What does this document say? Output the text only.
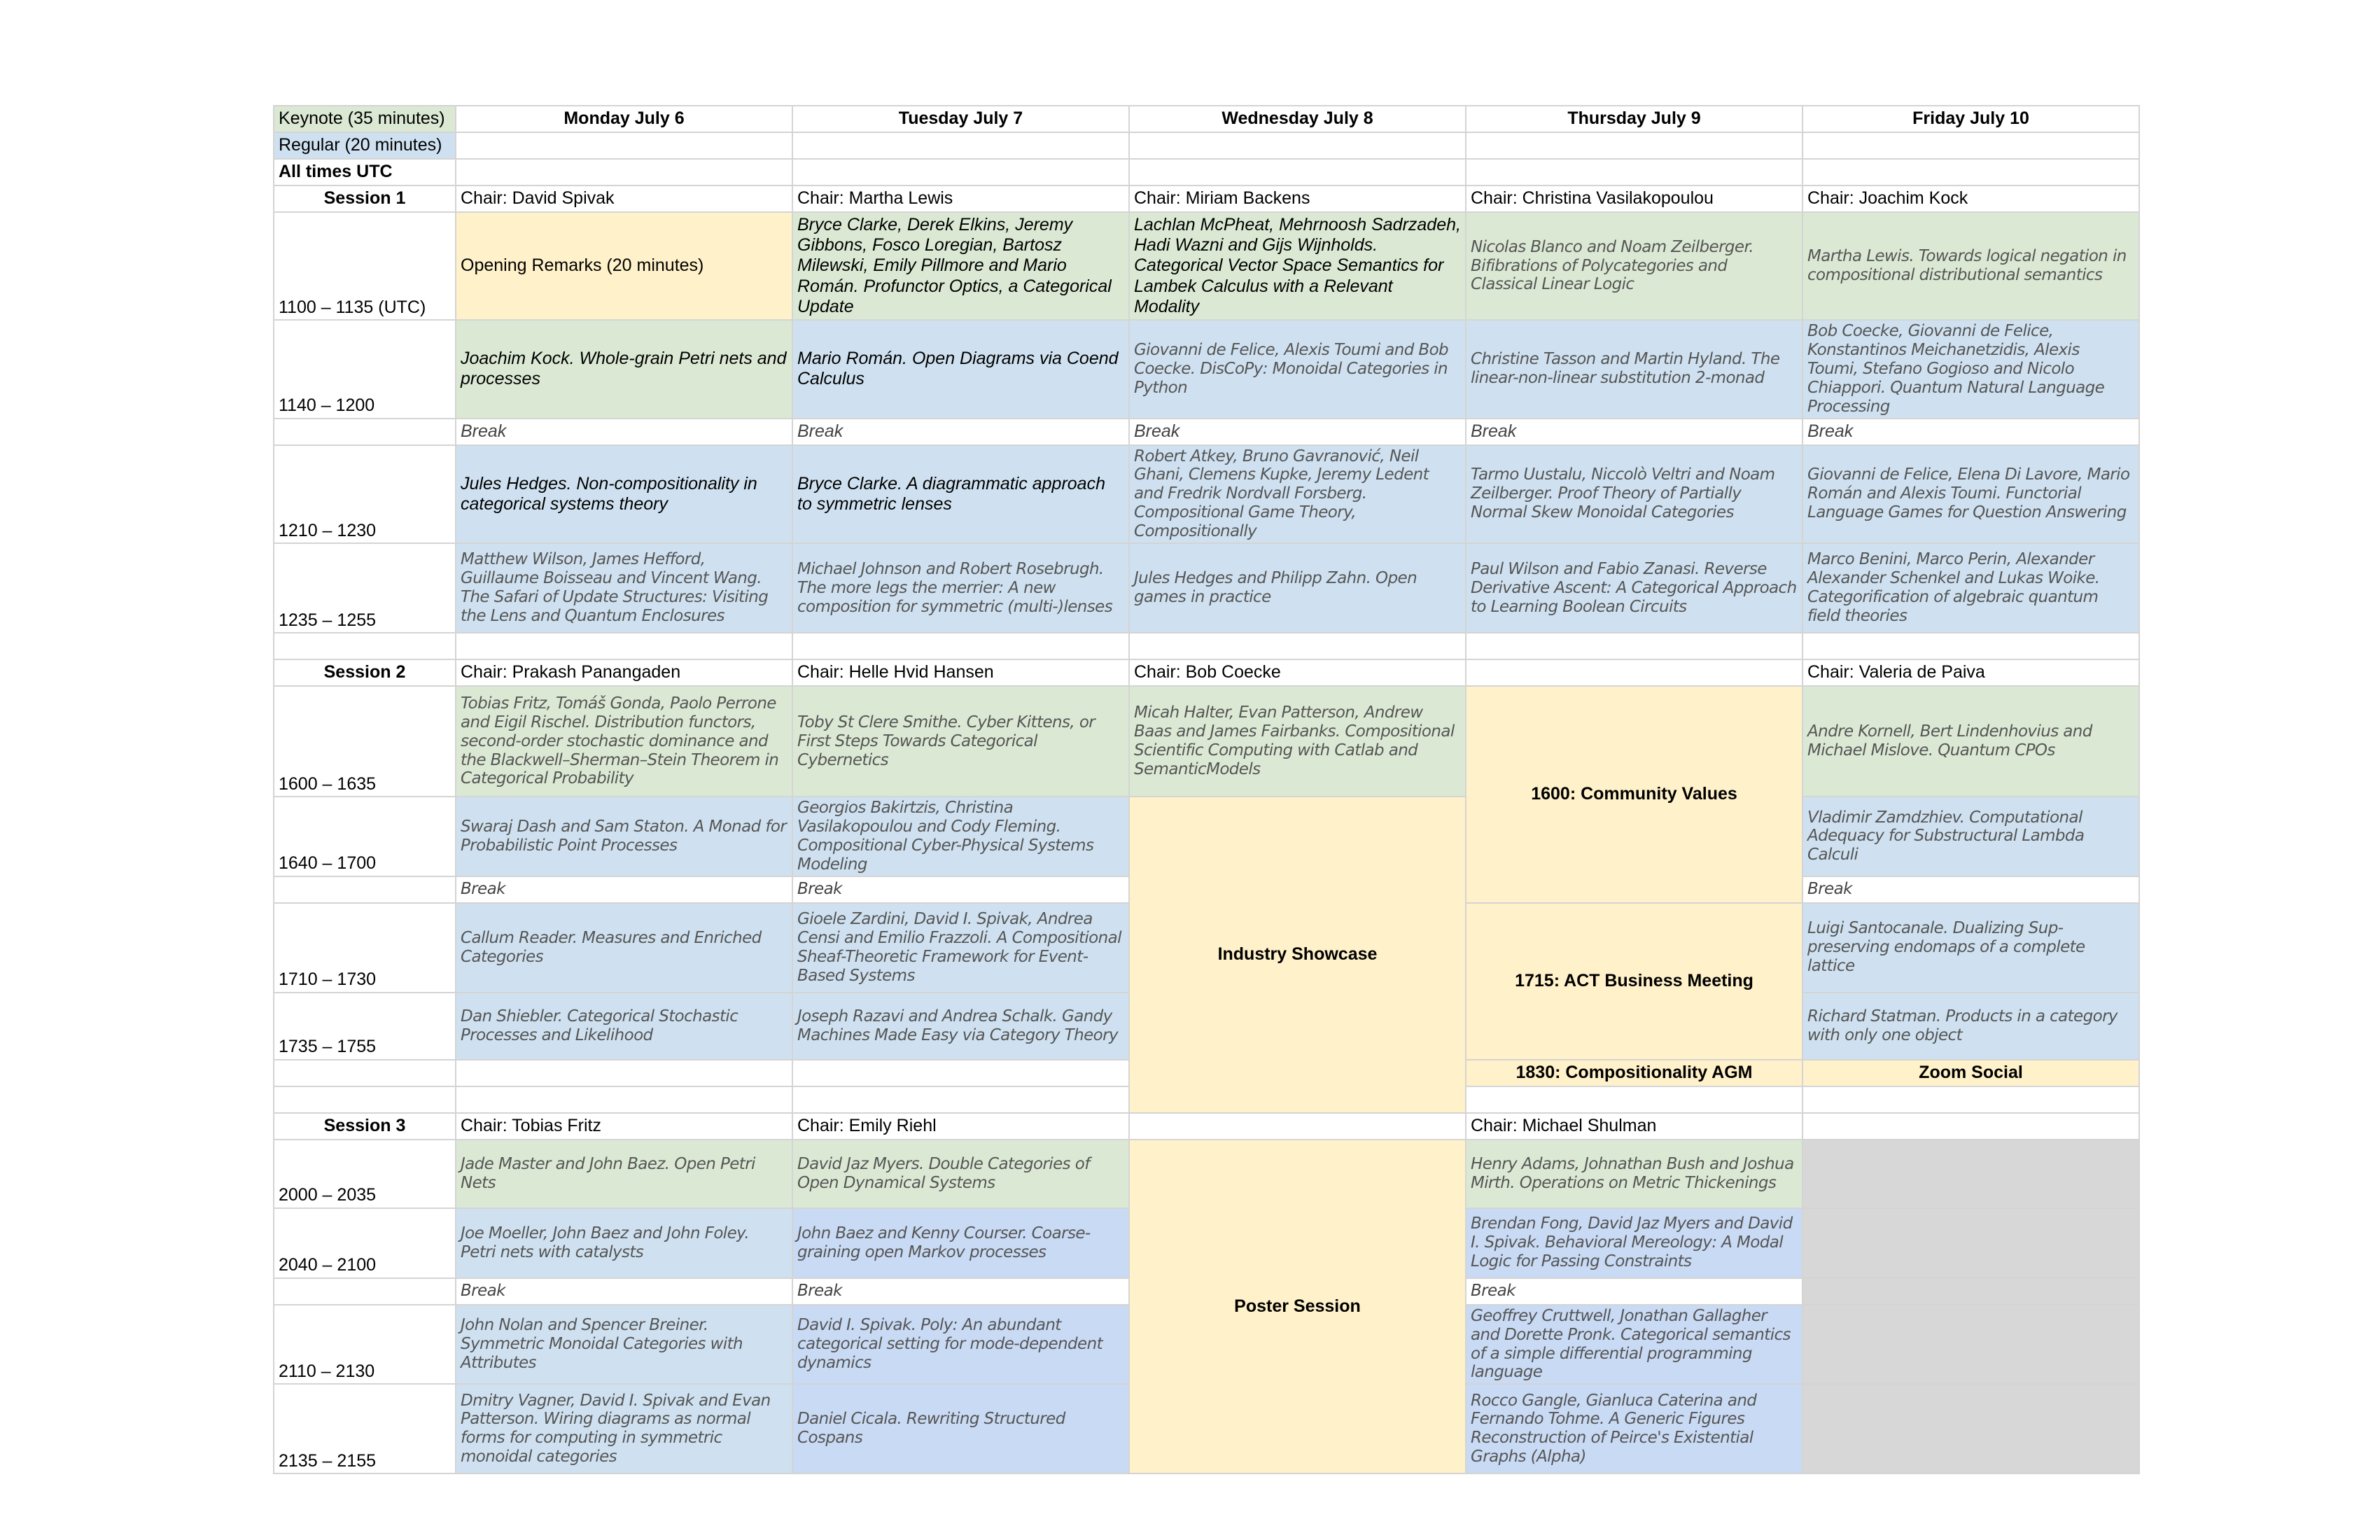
Keynote (35 minutes)	Monday July 6	Tuesday July 7	Wednesday July 8	Thursday July 9	Friday July 10
Regular (20 minutes)					
All times UTC					
Session 1	Chair: David Spivak	Chair: Martha Lewis	Chair: Miriam Backens	Chair: Christina Vasilakopoulou	Chair: Joachim Kock
1100 – 1135 (UTC)	Opening Remarks (20 minutes)	Bryce Clarke, Derek Elkins, Jeremy Gibbons, Fosco Loregian, Bartosz Milewski, Emily Pillmore and Mario Román. Profunctor Optics, a Categorical Update	Lachlan McPheat, Mehrnoosh Sadrzadeh, Hadi Wazni and Gijs Wijnholds. Categorical Vector Space Semantics for Lambek Calculus with a Relevant Modality	Nicolas Blanco and Noam Zeilberger. Bifibrations of Polycategories and Classical Linear Logic	Martha Lewis. Towards logical negation in compositional distributional semantics
1140 – 1200	Joachim Kock. Whole-grain Petri nets and processes	Mario Román. Open Diagrams via Coend Calculus	Giovanni de Felice, Alexis Toumi and Bob Coecke. DisCoPy: Monoidal Categories in Python	Christine Tasson and Martin Hyland. The linear-non-linear substitution 2-monad	Bob Coecke, Giovanni de Felice, Konstantinos Meichanetzidis, Alexis Toumi, Stefano Gogioso and Nicolo Chiappori. Quantum Natural Language Processing
	Break	Break	Break	Break	Break
1210 – 1230	Jules Hedges. Non-compositionality in categorical systems theory	Bryce Clarke. A diagrammatic approach to symmetric lenses	Robert Atkey, Bruno Gavranović, Neil Ghani, Clemens Kupke, Jeremy Ledent and Fredrik Nordvall Forsberg. Compositional Game Theory, Compositionally	Tarmo Uustalu, Niccolò Veltri and Noam Zeilberger. Proof Theory of Partially Normal Skew Monoidal Categories	Giovanni de Felice, Elena Di Lavore, Mario Román and Alexis Toumi. Functorial Language Games for Question Answering
1235 – 1255	Matthew Wilson, James Hefford, Guillaume Boisseau and Vincent Wang. The Safari of Update Structures: Visiting the Lens and Quantum Enclosures	Michael Johnson and Robert Rosebrugh. The more legs the merrier: A new composition for symmetric (multi-)lenses	Jules Hedges and Philipp Zahn. Open games in practice	Paul Wilson and Fabio Zanasi. Reverse Derivative Ascent: A Categorical Approach to Learning Boolean Circuits	Marco Benini, Marco Perin, Alexander Alexander Schenkel and Lukas Woike. Categorification of algebraic quantum field theories

Session 2	Chair: Prakash Panangaden	Chair: Helle Hvid Hansen	Chair: Bob Coecke		Chair: Valeria de Paiva
1600 – 1635	Tobias Fritz, Tomáš Gonda, Paolo Perrone and Eigil Rischel. Distribution functors, second-order stochastic dominance and the Blackwell–Sherman–Stein Theorem in Categorical Probability	Toby St Clere Smithe. Cyber Kittens, or First Steps Towards Categorical Cybernetics	Micah Halter, Evan Patterson, Andrew Baas and James Fairbanks. Compositional Scientific Computing with Catlab and SemanticModels	1600: Community Values	Andre Kornell, Bert Lindenhovius and Michael Mislove. Quantum CPOs
1640 – 1700	Swaraj Dash and Sam Staton. A Monad for Probabilistic Point Processes	Georgios Bakirtzis, Christina Vasilakopoulou and Cody Fleming. Compositional Cyber-Physical Systems Modeling	Industry Showcase		Vladimir Zamdzhiev. Computational Adequacy for Substructural Lambda Calculi
	Break	Break			Break
1710 – 1730	Callum Reader. Measures and Enriched Categories	Gioele Zardini, David I. Spivak, Andrea Censi and Emilio Frazzoli. A Compositional Sheaf-Theoretic Framework for Event-Based Systems		1715: ACT Business Meeting	Luigi Santocanale. Dualizing Sup-preserving endomaps of a complete lattice
1735 – 1755	Dan Shiebler. Categorical Stochastic Processes and Likelihood	Joseph Razavi and Andrea Schalk. Gandy Machines Made Easy via Category Theory			Richard Statman. Products in a category with only one object
				1830: Compositionality AGM	Zoom Social

Session 3	Chair: Tobias Fritz	Chair: Emily Riehl		Chair: Michael Shulman	
2000 – 2035	Jade Master and John Baez. Open Petri Nets	David Jaz Myers. Double Categories of Open Dynamical Systems	Poster Session	Henry Adams, Johnathan Bush and Joshua Mirth. Operations on Metric Thickenings	
2040 – 2100	Joe Moeller, John Baez and John Foley. Petri nets with catalysts	John Baez and Kenny Courser. Coarse-graining open Markov processes		Brendan Fong, David Jaz Myers and David I. Spivak. Behavioral Mereology: A Modal Logic for Passing Constraints	
	Break	Break		Break	
2110 – 2130	John Nolan and Spencer Breiner. Symmetric Monoidal Categories with Attributes	David I. Spivak. Poly: An abundant categorical setting for mode-dependent dynamics		Geoffrey Cruttwell, Jonathan Gallagher and Dorette Pronk. Categorical semantics of a simple differential programming language	
2135 – 2155	Dmitry Vagner, David I. Spivak and Evan Patterson. Wiring diagrams as normal forms for computing in symmetric monoidal categories	Daniel Cicala. Rewriting Structured Cospans		Rocco Gangle, Gianluca Caterina and Fernando Tohme. A Generic Figures Reconstruction of Peirce's Existential Graphs (Alpha)	
